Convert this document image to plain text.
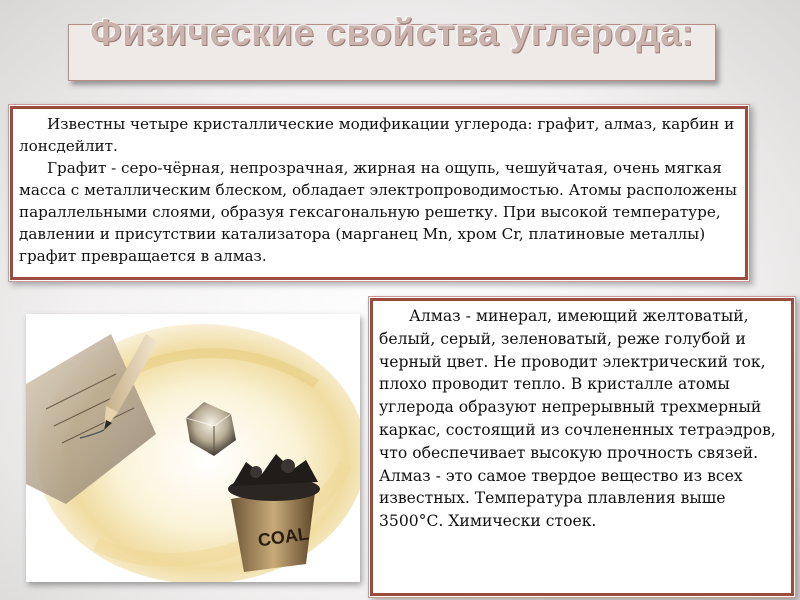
Физические свойства углерода:

Известны четыре кристаллические модификации углерода: графит, алмаз, карбин и лонсдейлит.

Графит - серо-чёрная, непрозрачная, жирная на ощупь, чешуйчатая, очень мягкая масса с металлическим блеском, обладает электропроводимостью. Атомы расположены параллельными слоями, образуя гексагональную решетку. При высокой температуре, давлении и присутствии катализатора (марганец Mn, хром Cr, платиновые металлы) графит превращается в алмаз.

COAL

Алмаз - минерал, имеющий желтоватый, белый, серый, зеленоватый, реже голубой и черный цвет. Не проводит электрический ток, плохо проводит тепло. В кристалле атомы углерода образуют непрерывный трехмерный каркас, состоящий из сочлененных тетраэдров, что обеспечивает высокую прочность связей. Алмаз - это самое твердое вещество из всех известных. Температура плавления выше 3500°С. Химически стоек.
